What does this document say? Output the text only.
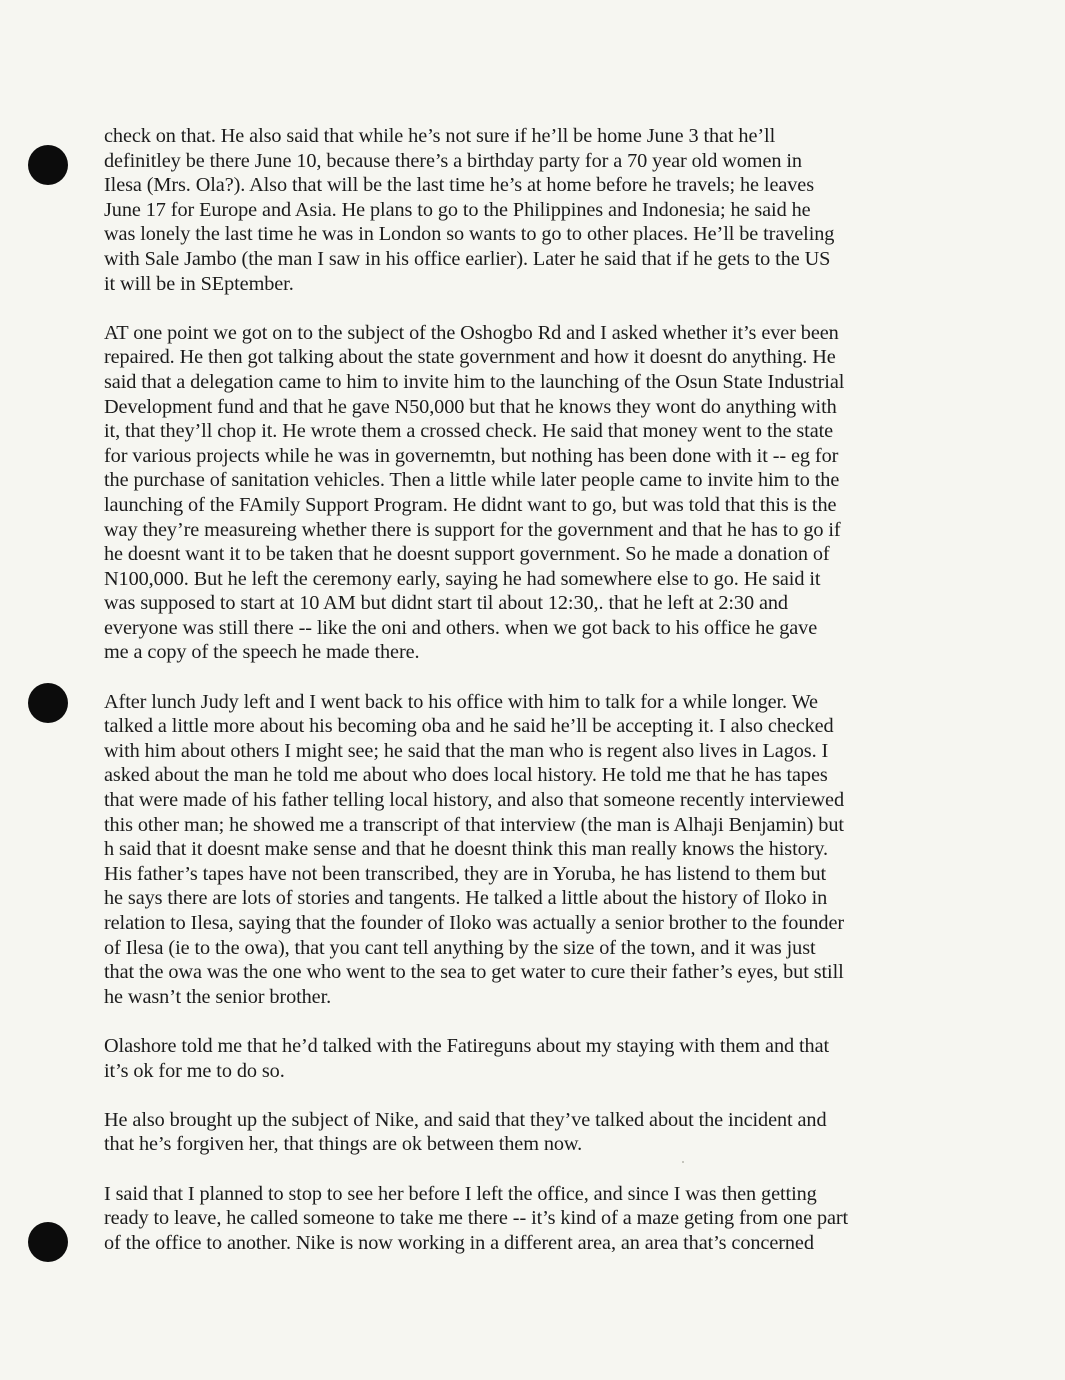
check on that. He also said that while he’s not sure if he’ll be home June 3 that he’ll
definitley be there June 10, because there’s a birthday party for a 70 year old women in
Ilesa (Mrs. Ola?). Also that will be the last time he’s at home before he travels; he leaves
June 17 for Europe and Asia. He plans to go to the Philippines and Indonesia; he said he
was lonely the last time he was in London so wants to go to other places. He’ll be traveling
with Sale Jambo (the man I saw in his office earlier). Later he said that if he gets to the US
it will be in SEptember.
AT one point we got on to the subject of the Oshogbo Rd and I asked whether it’s ever been
repaired. He then got talking about the state government and how it doesnt do anything. He
said that a delegation came to him to invite him to the launching of the Osun State Industrial
Development fund and that he gave N50,000 but that he knows they wont do anything with
it, that they’ll chop it. He wrote them a crossed check. He said that money went to the state
for various projects while he was in governemtn, but nothing has been done with it -- eg for
the purchase of sanitation vehicles. Then a little while later people came to invite him to the
launching of the FAmily Support Program. He didnt want to go, but was told that this is the
way they’re measureing whether there is support for the government and that he has to go if
he doesnt want it to be taken that he doesnt support government. So he made a donation of
N100,000. But he left the ceremony early, saying he had somewhere else to go. He said it
was supposed to start at 10 AM but didnt start til about 12:30,. that he left at 2:30 and
everyone was still there -- like the oni and others. when we got back to his office he gave
me a copy of the speech he made there.
After lunch Judy left and I went back to his office with him to talk for a while longer. We
talked a little more about his becoming oba and he said he’ll be accepting it. I also checked
with him about others I might see; he said that the man who is regent also lives in Lagos. I
asked about the man he told me about who does local history. He told me that he has tapes
that were made of his father telling local history, and also that someone recently interviewed
this other man; he showed me a transcript of that interview (the man is Alhaji Benjamin) but
h said that it doesnt make sense and that he doesnt think this man really knows the history.
His father’s tapes have not been transcribed, they are in Yoruba, he has listend to them but
he says there are lots of stories and tangents. He talked a little about the history of Iloko in
relation to Ilesa, saying that the founder of Iloko was actually a senior brother to the founder
of Ilesa (ie to the owa), that you cant tell anything by the size of the town, and it was just
that the owa was the one who went to the sea to get water to cure their father’s eyes, but still
he wasn’t the senior brother.
Olashore told me that he’d talked with the Fatireguns about my staying with them and that
it’s ok for me to do so.
He also brought up the subject of Nike, and said that they’ve talked about the incident and
that he’s forgiven her, that things are ok between them now.
I said that I planned to stop to see her before I left the office, and since I was then getting
ready to leave, he called someone to take me there -- it’s kind of a maze geting from one part
of the office to another. Nike is now working in a different area, an area that’s concerned
